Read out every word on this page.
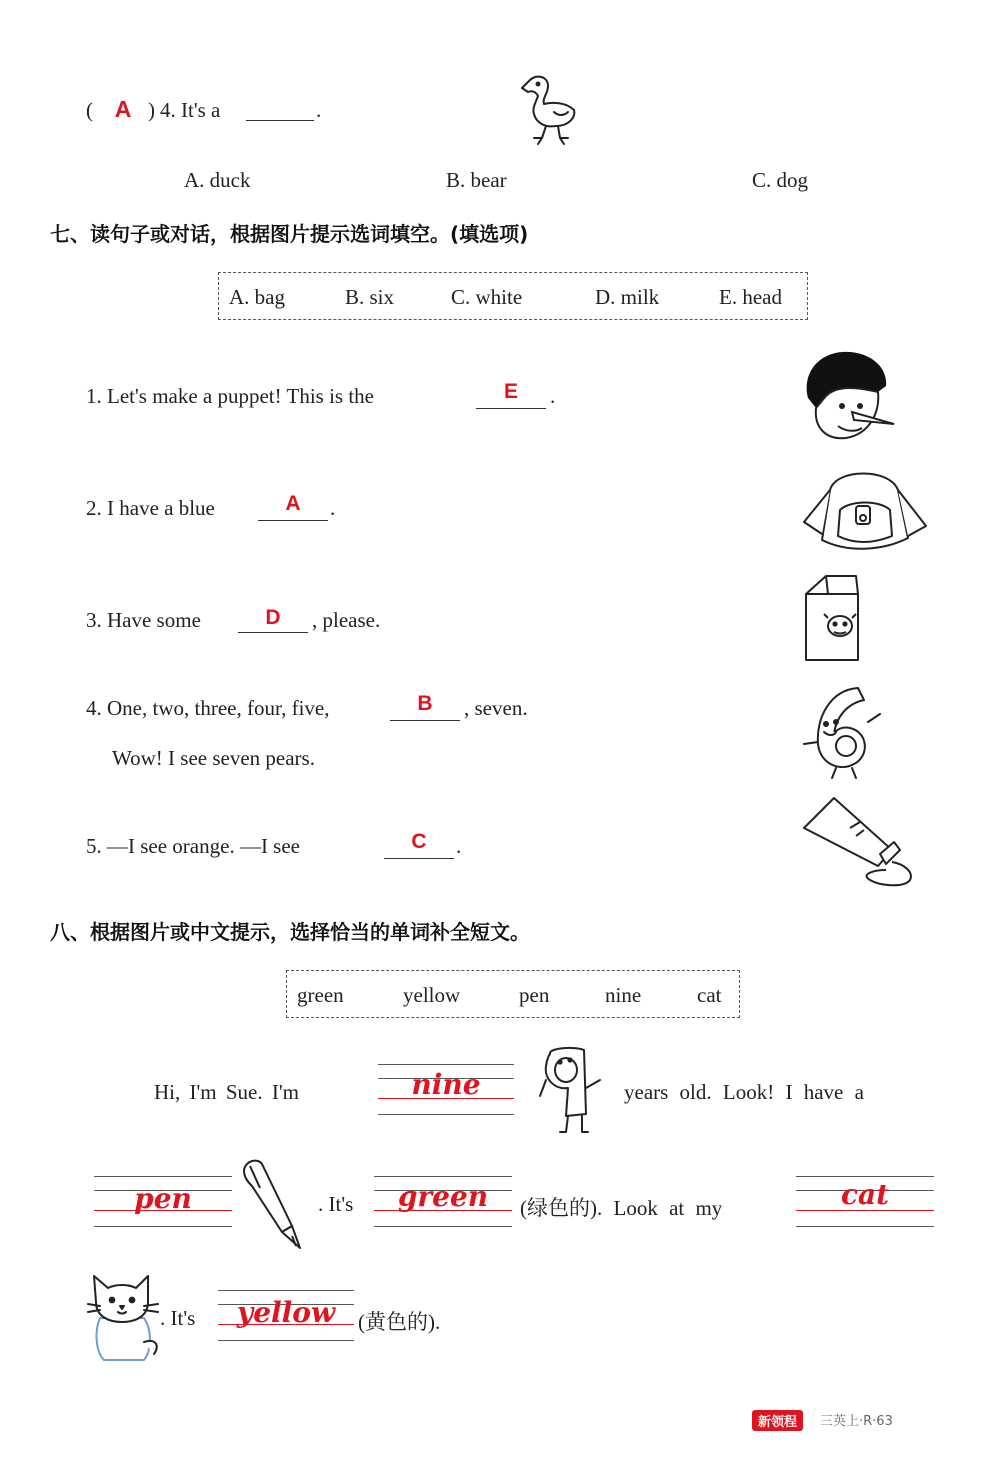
( A ) 4. It's a	.
A. duck	B. bear	C. dog
七、读句子或对话，根据图片提示选词填空。(填选项)
A. bag	B. six	C. white	D. milk	E. head
1. Let's make a puppet! This is the	E	.
2. I have a blue	A	.
3. Have some	D	, please.
4. One, two, three, four, five,	B	, seven.
Wow! I see seven pears.
5. —I see orange. —I see	C	.
八、根据图片或中文提示，选择恰当的单词补全短文。
green	yellow	pen	nine	cat
Hi, I'm Sue. I'm	nine	years old. Look! I have a
pen	. It's	green	(绿色的). Look at my	cat
. It's	yellow	(黄色的).
新领程	三英上·R·63
